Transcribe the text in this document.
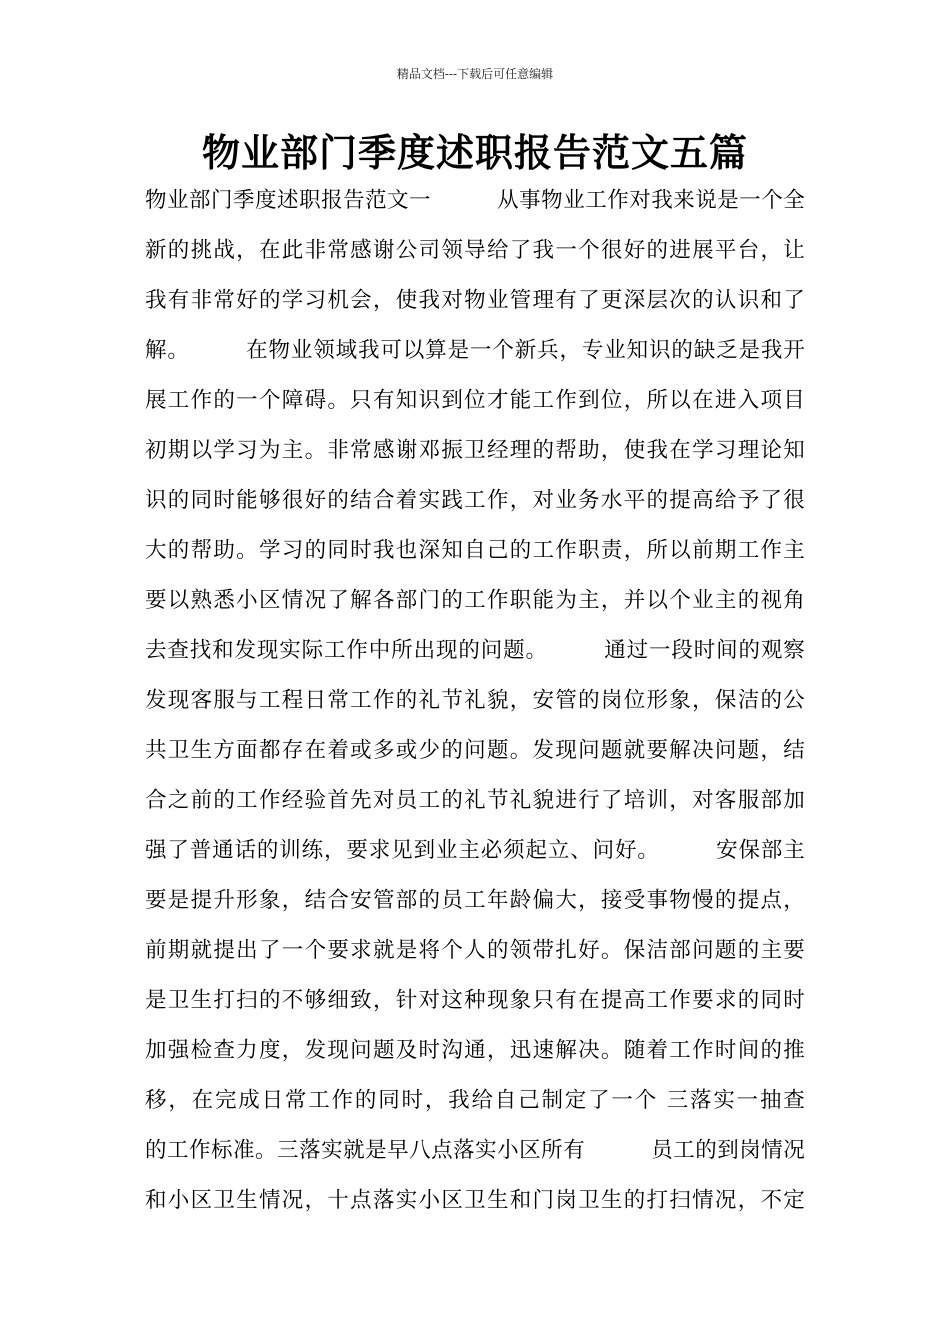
精品文档---下载后可任意编辑
物业部门季度述职报告范文五篇
物业部门季度述职报告范文一　　　从事物业工作对我来说是一个全
新的挑战，在此非常感谢公司领导给了我一个很好的进展平台，让
我有非常好的学习机会，使我对物业管理有了更深层次的认识和了
解。　　　在物业领域我可以算是一个新兵，专业知识的缺乏是我开
展工作的一个障碍。只有知识到位才能工作到位，所以在进入项目
初期以学习为主。非常感谢邓振卫经理的帮助，使我在学习理论知
识的同时能够很好的结合着实践工作，对业务水平的提高给予了很
大的帮助。学习的同时我也深知自己的工作职责，所以前期工作主
要以熟悉小区情况了解各部门的工作职能为主，并以个业主的视角
去查找和发现实际工作中所出现的问题。　　　通过一段时间的观察
发现客服与工程日常工作的礼节礼貌，安管的岗位形象，保洁的公
共卫生方面都存在着或多或少的问题。发现问题就要解决问题，结
合之前的工作经验首先对员工的礼节礼貌进行了培训，对客服部加
强了普通话的训练，要求见到业主必须起立、问好。　　　安保部主
要是提升形象，结合安管部的员工年龄偏大，接受事物慢的提点，
前期就提出了一个要求就是将个人的领带扎好。保洁部问题的主要
是卫生打扫的不够细致，针对这种现象只有在提高工作要求的同时
加强检查力度，发现问题及时沟通，迅速解决。随着工作时间的推
移，在完成日常工作的同时，我给自己制定了一个 三落实一抽查
的工作标准。三落实就是早八点落实小区所有　　　员工的到岗情况
和小区卫生情况，十点落实小区卫生和门岗卫生的打扫情况，不定
